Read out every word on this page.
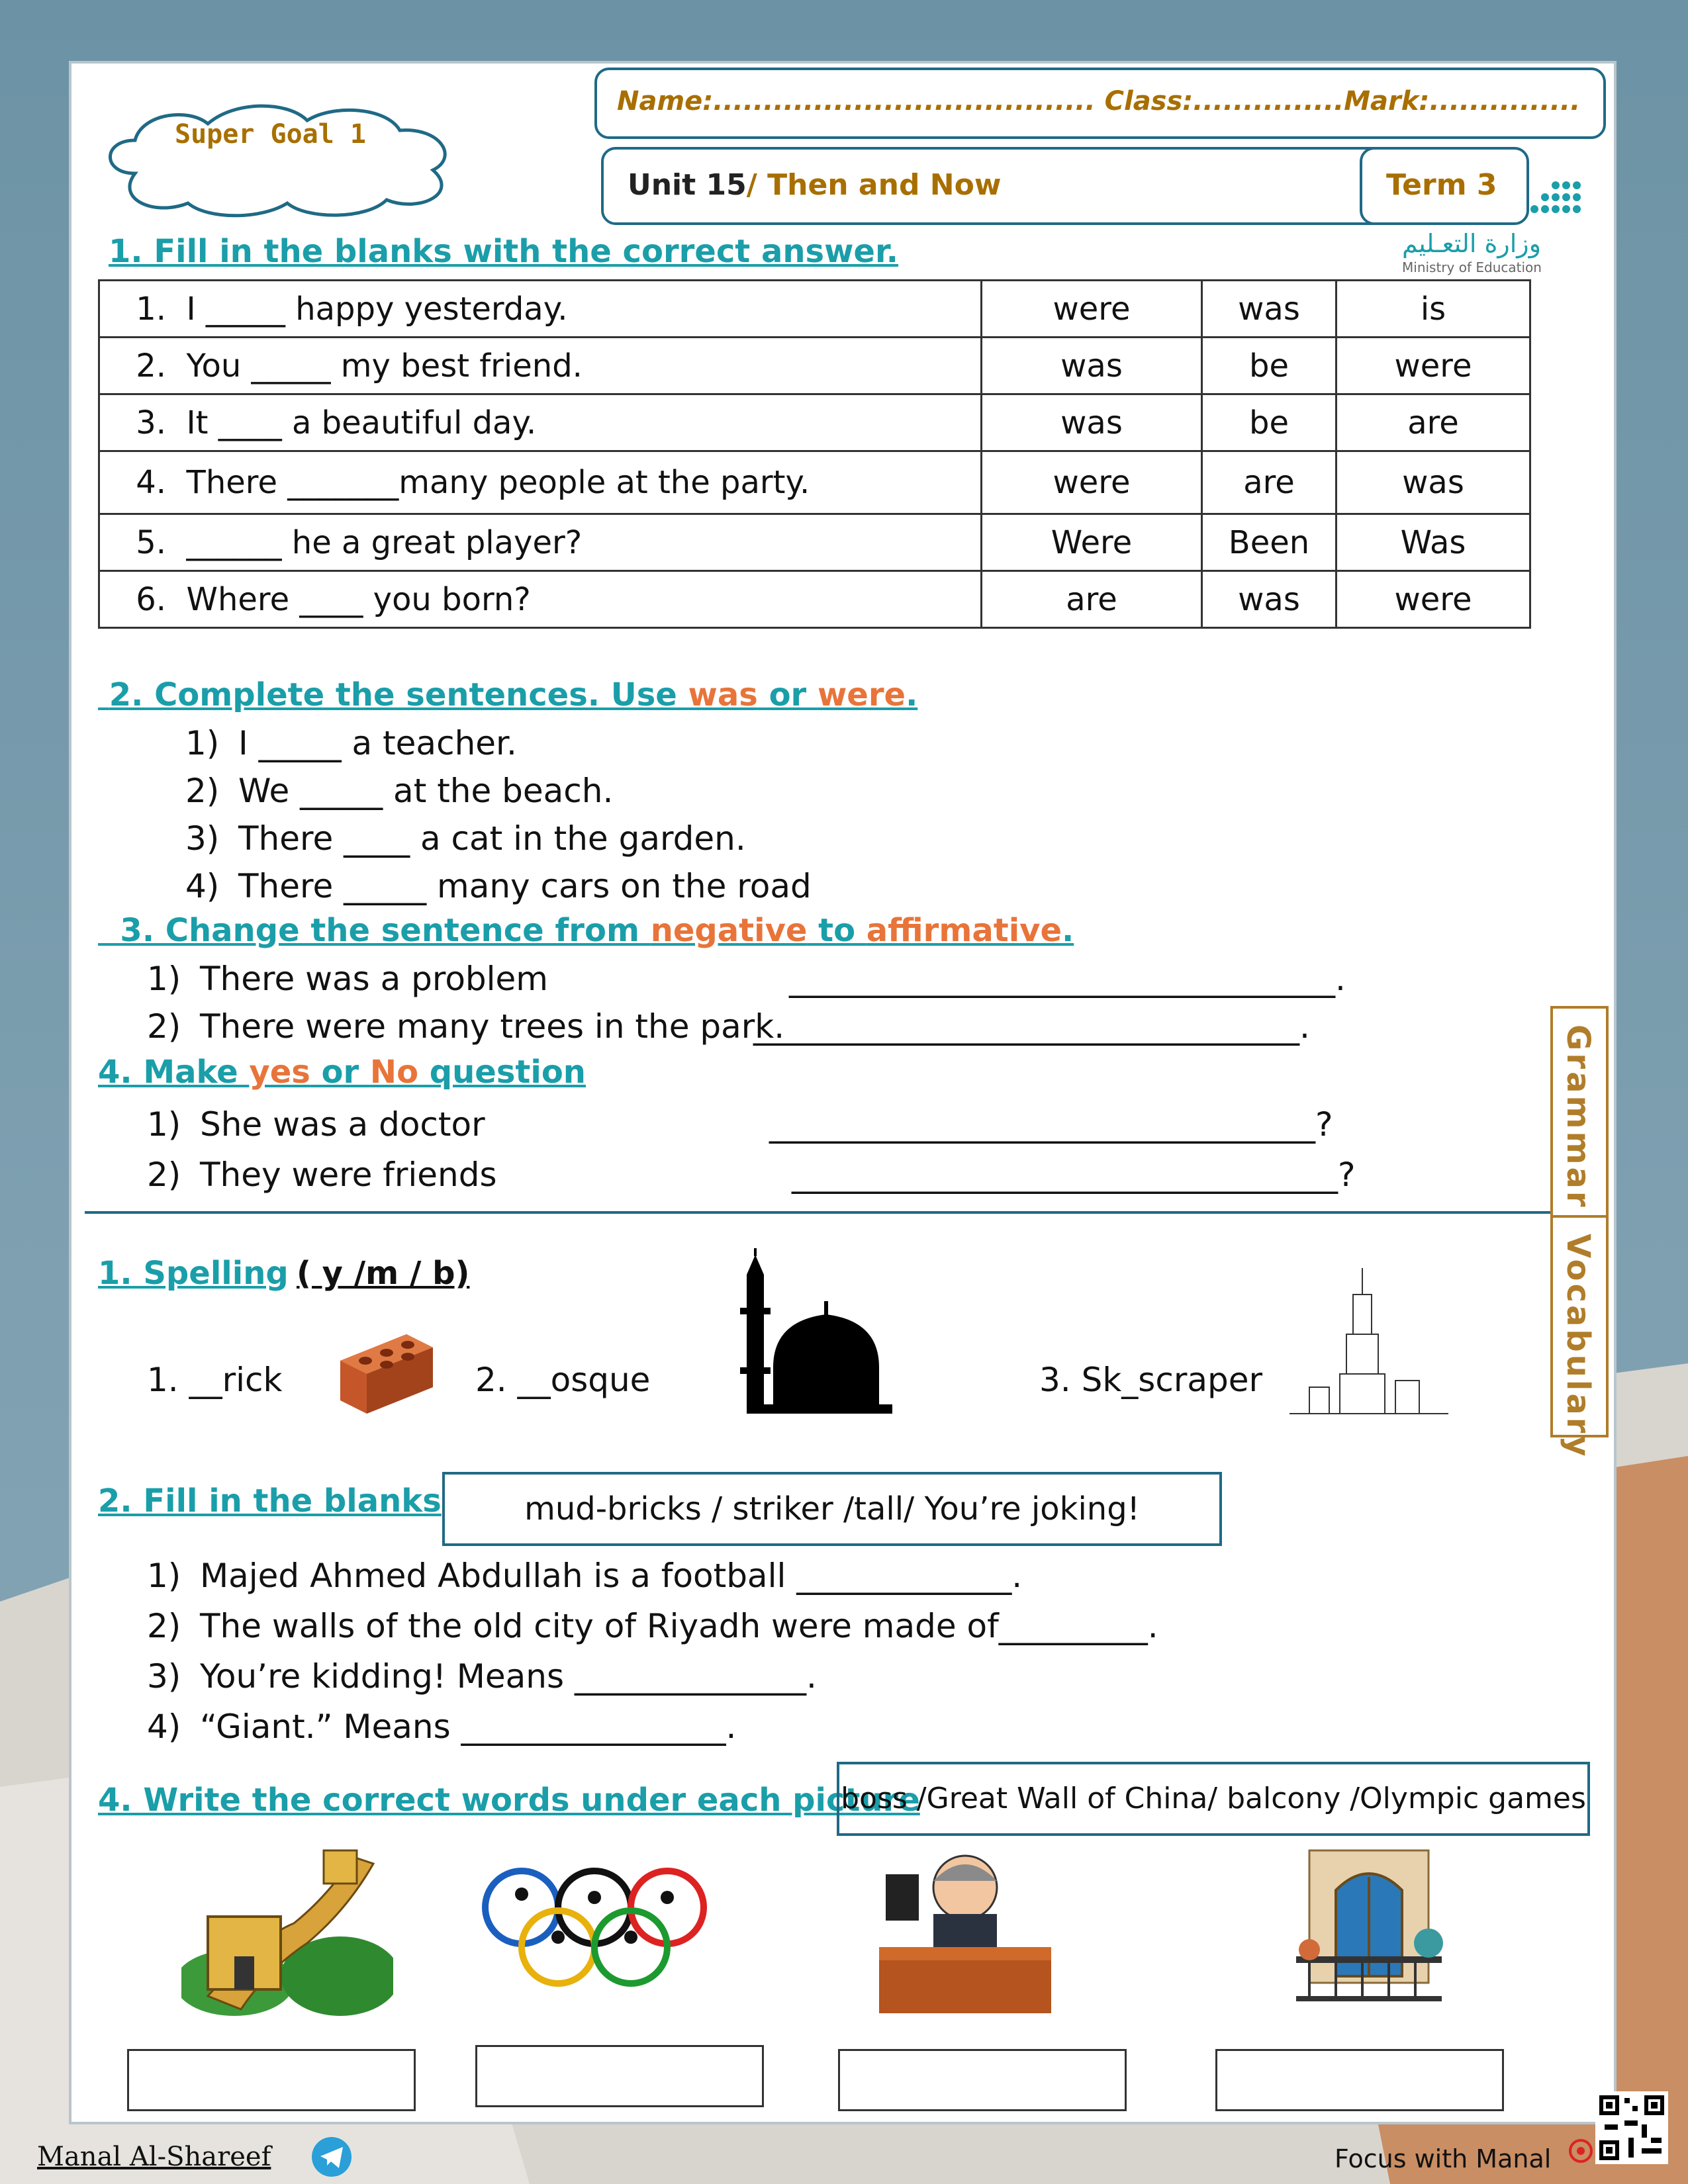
Super Goal 1
Name:...................................... Class:...............Mark:...............
Unit 15/ Then and Now	Term 3
وزارة التعـليم
Ministry of Education
1. Fill in the blanks with the correct answer.
1. I _____ happy yesterday.	were	was	is
2. You _____ my best friend.	was	be	were
3. It ____ a beautiful day.	was	be	are
4. There _______many people at the party.	were	are	was
5. ______ he a great player?	Were	Been	Was
6. Where ____ you born?	are	was	were
2. Complete the sentences. Use was or were.
1) I _____ a teacher.
2) We _____ at the beach.
3) There ____ a cat in the garden.
4) There _____ many cars on the road
3. Change the sentence from negative to affirmative.
1) There was a problem	_________________________________.
2) There were many trees in the park.
_________________________________.
4. Make yes or No question
1) She was a doctor	_________________________________?
2) They were friends	_________________________________?	Grammar
Vocabulary
1. Spelling ( y /m / b)
1. __rick	2. __osque	3. Sk_scraper
2. Fill in the blanks	mud-bricks / striker /tall/ You’re joking!
1) Majed Ahmed Abdullah is a football _____________.
2) The walls of the old city of Riyadh were made of_________.
3) You’re kidding! Means ______________.
4) “Giant.” Means ________________.
4. Write the correct words under each picture
boss /Great Wall of China/ balcony /Olympic games
Manal Al-Shareef	Focus with Manal
